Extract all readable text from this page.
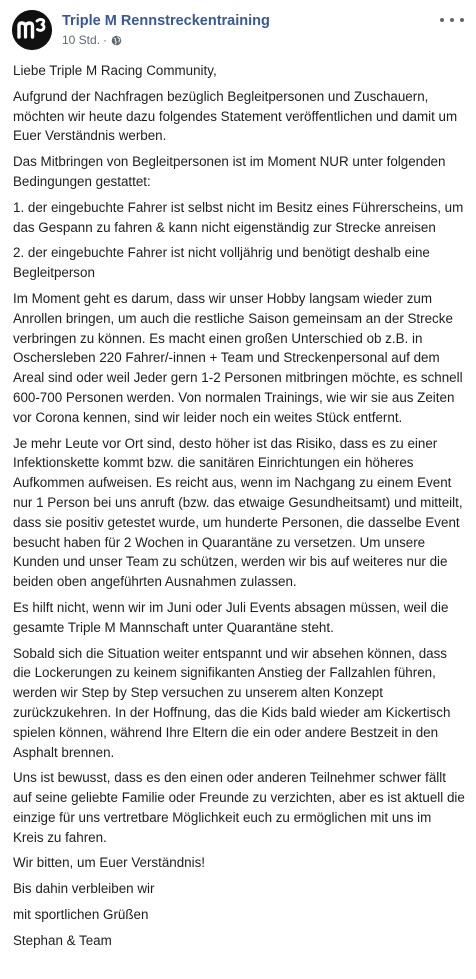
Triple M Rennstreckentraining
10 Std. ·

Liebe Triple M Racing Community,

Aufgrund der Nachfragen bezüglich Begleitpersonen und Zuschauern, möchten wir heute dazu folgendes Statement veröffentlichen und damit um Euer Verständnis werben.

Das Mitbringen von Begleitpersonen ist im Moment NUR unter folgenden Bedingungen gestattet:

1. der eingebuchte Fahrer ist selbst nicht im Besitz eines Führerscheins, um das Gespann zu fahren & kann nicht eigenständig zur Strecke anreisen

2. der eingebuchte Fahrer ist nicht volljährig und benötigt deshalb eine Begleitperson

Im Moment geht es darum, dass wir unser Hobby langsam wieder zum Anrollen bringen, um auch die restliche Saison gemeinsam an der Strecke verbringen zu können. Es macht einen großen Unterschied ob z.B. in Oschersleben 220 Fahrer/-innen + Team und Streckenpersonal auf dem Areal sind oder weil Jeder gern 1-2 Personen mitbringen möchte, es schnell 600-700 Personen werden. Von normalen Trainings, wie wir sie aus Zeiten vor Corona kennen, sind wir leider noch ein weites Stück entfernt.

Je mehr Leute vor Ort sind, desto höher ist das Risiko, dass es zu einer Infektionskette kommt bzw. die sanitären Einrichtungen ein höheres Aufkommen aufweisen. Es reicht aus, wenn im Nachgang zu einem Event nur 1 Person bei uns anruft (bzw. das etwaige Gesundheitsamt) und mitteilt, dass sie positiv getestet wurde, um hunderte Personen, die dasselbe Event besucht haben für 2 Wochen in Quarantäne zu versetzen. Um unsere Kunden und unser Team zu schützen, werden wir bis auf weiteres nur die beiden oben angeführten Ausnahmen zulassen.

Es hilft nicht, wenn wir im Juni oder Juli Events absagen müssen, weil die gesamte Triple M Mannschaft unter Quarantäne steht.

Sobald sich die Situation weiter entspannt und wir absehen können, dass die Lockerungen zu keinem signifikanten Anstieg der Fallzahlen führen, werden wir Step by Step versuchen zu unserem alten Konzept zurückzukehren. In der Hoffnung, das die Kids bald wieder am Kickertisch spielen können, während Ihre Eltern die ein oder andere Bestzeit in den Asphalt brennen.

Uns ist bewusst, dass es den einen oder anderen Teilnehmer schwer fällt auf seine geliebte Familie oder Freunde zu verzichten, aber es ist aktuell die einzige für uns vertretbare Möglichkeit euch zu ermöglichen mit uns im Kreis zu fahren.

Wir bitten, um Euer Verständnis!

Bis dahin verbleiben wir

mit sportlichen Grüßen

Stephan & Team
